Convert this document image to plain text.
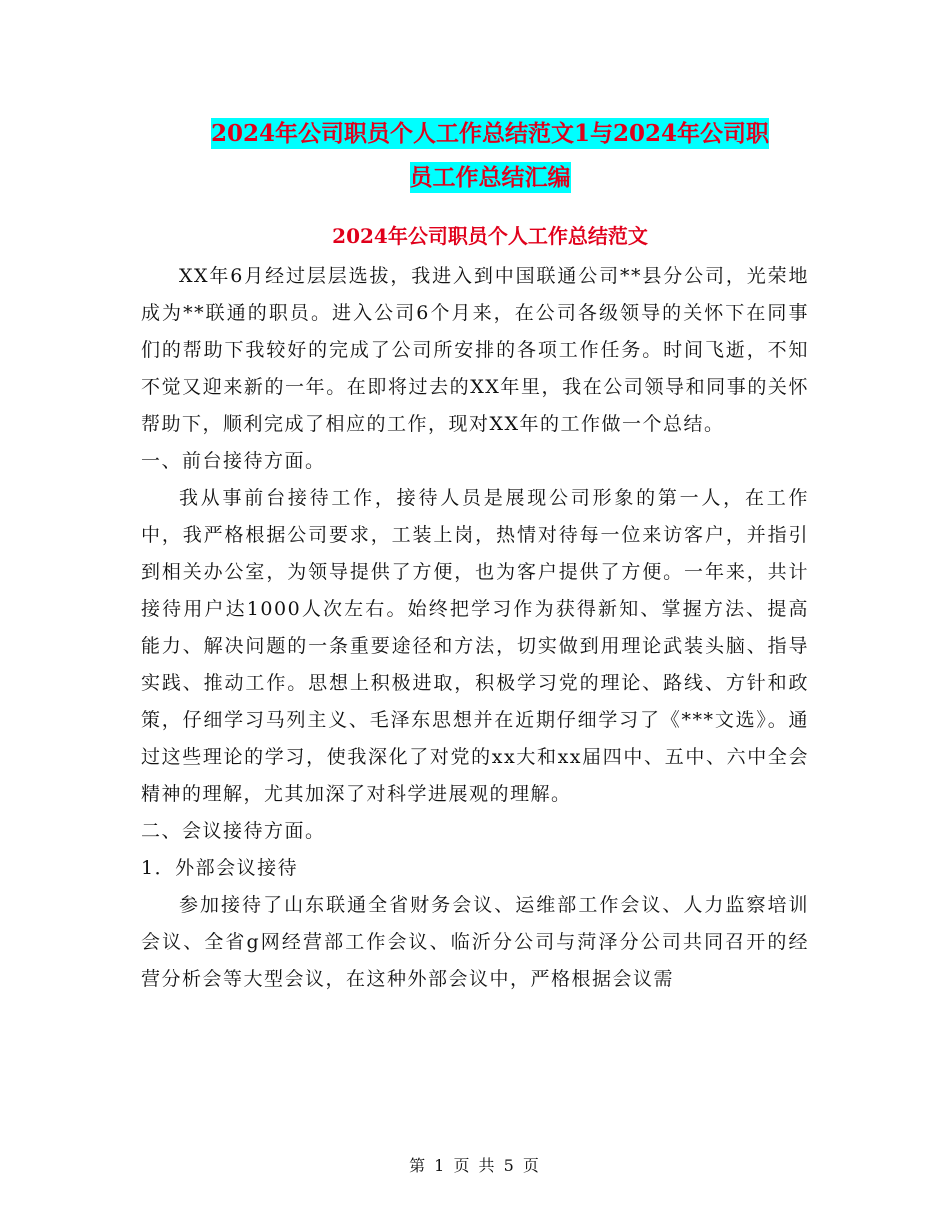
2024年公司职员个人工作总结范文1与2024年公司职
员工作总结汇编
2024年公司职员个人工作总结范文

XX年6月经过层层选拔，我进入到中国联通公司**县分公司，光荣地成为**联通的职员。进入公司6个月来，在公司各级领导的关怀下在同事们的帮助下我较好的完成了公司所安排的各项工作任务。时间飞逝，不知不觉又迎来新的一年。在即将过去的XX年里，我在公司领导和同事的关怀帮助下，顺利完成了相应的工作，现对XX年的工作做一个总结。

一、前台接待方面。

我从事前台接待工作，接待人员是展现公司形象的第一人，在工作中，我严格根据公司要求，工装上岗，热情对待每一位来访客户，并指引到相关办公室，为领导提供了方便，也为客户提供了方便。一年来，共计接待用户达1000人次左右。始终把学习作为获得新知、掌握方法、提高能力、解决问题的一条重要途径和方法，切实做到用理论武装头脑、指导实践、推动工作。思想上积极进取，积极学习党的理论、路线、方针和政策，仔细学习马列主义、毛泽东思想并在近期仔细学习了《***文选》。通过这些理论的学习，使我深化了对党的xx大和xx届四中、五中、六中全会精神的理解，尤其加深了对科学进展观的理解。

二、会议接待方面。

1．外部会议接待

参加接待了山东联通全省财务会议、运维部工作会议、人力监察培训会议、全省g网经营部工作会议、临沂分公司与菏泽分公司共同召开的经营分析会等大型会议，在这种外部会议中，严格根据会议需

第 1 页 共 5 页
